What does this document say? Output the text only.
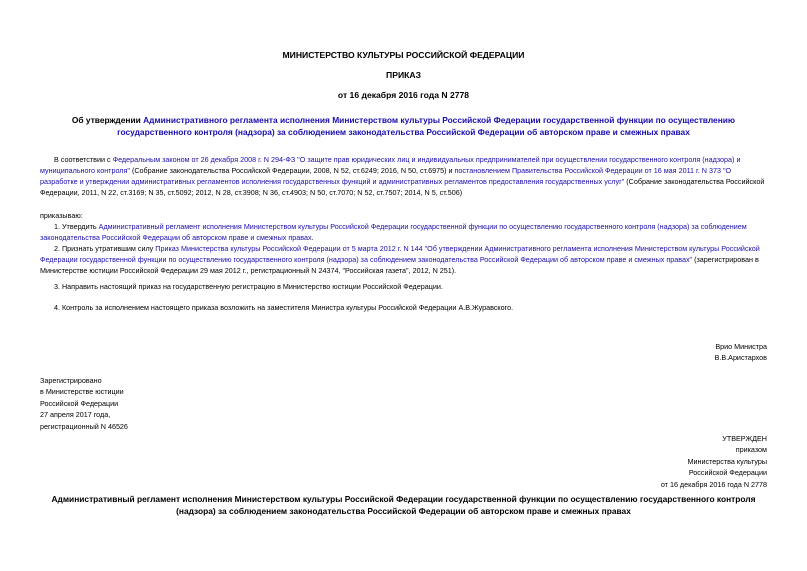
МИНИСТЕРСТВО КУЛЬТУРЫ РОССИЙСКОЙ ФЕДЕРАЦИИ
ПРИКАЗ
от 16 декабря 2016 года N 2778
Об утверждении Административного регламента исполнения Министерством культуры Российской Федерации государственной функции по осуществлению государственного контроля (надзора) за соблюдением законодательства Российской Федерации об авторском праве и смежных правах
В соответствии с Федеральным законом от 26 декабря 2008 г. N 294-ФЗ "О защите прав юридических лиц и индивидуальных предпринимателей при осуществлении государственного контроля (надзора) и муниципального контроля" (Собрание законодательства Российской Федерации, 2008, N 52, ст.6249; 2016, N 50, ст.6975) и постановлением Правительства Российской Федерации от 16 мая 2011 г. N 373 "О разработке и утверждении административных регламентов исполнения государственных функций и административных регламентов предоставления государственных услуг" (Собрание законодательства Российской Федерации, 2011, N 22, ст.3169; N 35, ст.5092; 2012, N 28, ст.3908; N 36, ст.4903; N 50, ст.7070; N 52, ст.7507; 2014, N 5, ст.506)
приказываю:
1. Утвердить Административный регламент исполнения Министерством культуры Российской Федерации государственной функции по осуществлению государственного контроля (надзора) за соблюдением законодательства Российской Федерации об авторском праве и смежных правах.
2. Признать утратившим силу Приказ Министерства культуры Российской Федерации от 5 марта 2012 г. N 144 "Об утверждении Административного регламента исполнения Министерством культуры Российской Федерации государственной функции по осуществлению государственного контроля (надзора) за соблюдением законодательства Российской Федерации об авторском праве и смежных правах" (зарегистрирован в Министерстве юстиции Российской Федерации 29 мая 2012 г., регистрационный N 24374, "Российская газета", 2012, N 251).
3. Направить настоящий приказ на государственную регистрацию в Министерство юстиции Российской Федерации.
4. Контроль за исполнением настоящего приказа возложить на заместителя Министра культуры Российской Федерации А.В.Журавского.
Врио Министра
В.В.Аристархов
Зарегистрировано
в Министерстве юстиции
Российской Федерации
27 апреля 2017 года,
регистрационный N 46526
УТВЕРЖДЕН
приказом
Министерства культуры
Российской Федерации
от 16 декабря 2016 года N 2778
Административный регламент исполнения Министерством культуры Российской Федерации государственной функции по осуществлению государственного контроля (надзора) за соблюдением законодательства Российской Федерации об авторском праве и смежных правах
